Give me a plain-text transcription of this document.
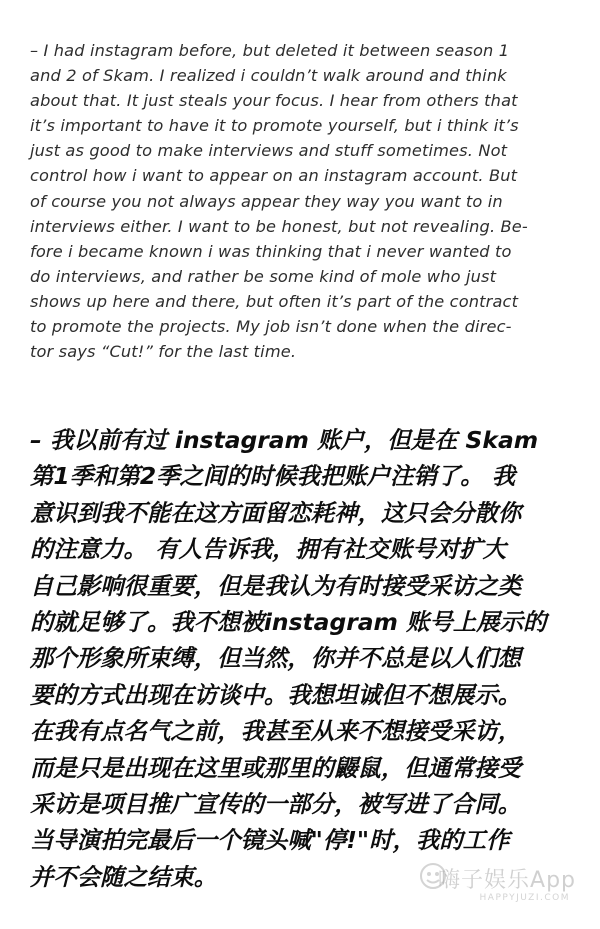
– I had instagram before, but deleted it between season 1
and 2 of Skam. I realized i couldn’t walk around and think
about that. It just steals your focus. I hear from others that
it’s important to have it to promote yourself, but i think it’s
just as good to make interviews and stuff sometimes. Not
control how i want to appear on an instagram account. But
of course you not always appear they way you want to in
interviews either. I want to be honest, but not revealing. Be-
fore i became known i was thinking that i never wanted to
do interviews, and rather be some kind of mole who just
shows up here and there, but often it’s part of the contract
to promote the projects. My job isn’t done when the direc-
tor says “Cut!” for the last time.
– 我以前有过 instagram 账户，但是在 Skam
第1季和第2季之间的时候我把账户注销了。 我
意识到我不能在这方面留恋耗神，这只会分散你
的注意力。 有人告诉我，拥有社交账号对扩大
自己影响很重要，但是我认为有时接受采访之类
的就足够了。我不想被instagram 账号上展示的
那个形象所束缚，但当然，你并不总是以人们想
要的方式出现在访谈中。我想坦诚但不想展示。
在我有点名气之前，我甚至从来不想接受采访，
而是只是出现在这里或那里的鼹鼠，但通常接受
采访是项目推广宣传的一部分，被写进了合同。
当导演拍完最后一个镜头喊"停!"时，我的工作
并不会随之结束。	嗨子娱乐App
HAPPYJUZI.COM
